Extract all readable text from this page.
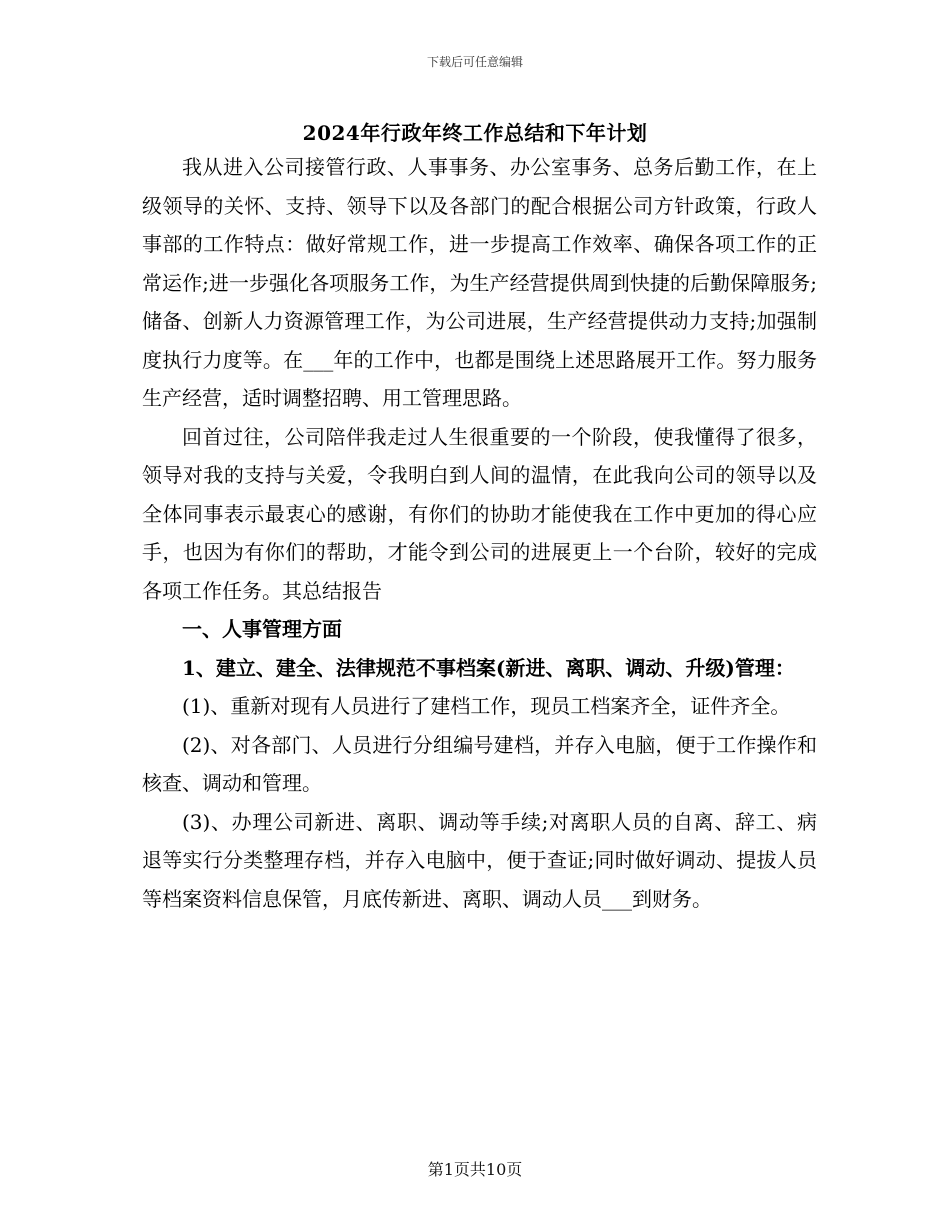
下载后可任意编辑
2024年行政年终工作总结和下年计划

我从进入公司接管行政、人事事务、办公室事务、总务后勤工作，在上级领导的关怀、支持、领导下以及各部门的配合根据公司方针政策，行政人事部的工作特点：做好常规工作，进一步提高工作效率、确保各项工作的正常运作;进一步强化各项服务工作，为生产经营提供周到快捷的后勤保障服务;储备、创新人力资源管理工作，为公司进展，生产经营提供动力支持;加强制度执行力度等。在___年的工作中，也都是围绕上述思路展开工作。努力服务生产经营，适时调整招聘、用工管理思路。

回首过往，公司陪伴我走过人生很重要的一个阶段，使我懂得了很多，领导对我的支持与关爱，令我明白到人间的温情，在此我向公司的领导以及全体同事表示最衷心的感谢，有你们的协助才能使我在工作中更加的得心应手，也因为有你们的帮助，才能令到公司的进展更上一个台阶，较好的完成各项工作任务。其总结报告

一、人事管理方面

1、建立、建全、法律规范不事档案(新进、离职、调动、升级)管理：

(1)、重新对现有人员进行了建档工作，现员工档案齐全，证件齐全。

(2)、对各部门、人员进行分组编号建档，并存入电脑，便于工作操作和核查、调动和管理。

(3)、办理公司新进、离职、调动等手续;对离职人员的自离、辞工、病退等实行分类整理存档，并存入电脑中，便于查证;同时做好调动、提拔人员等档案资料信息保管，月底传新进、离职、调动人员___到财务。

第1页共10页
